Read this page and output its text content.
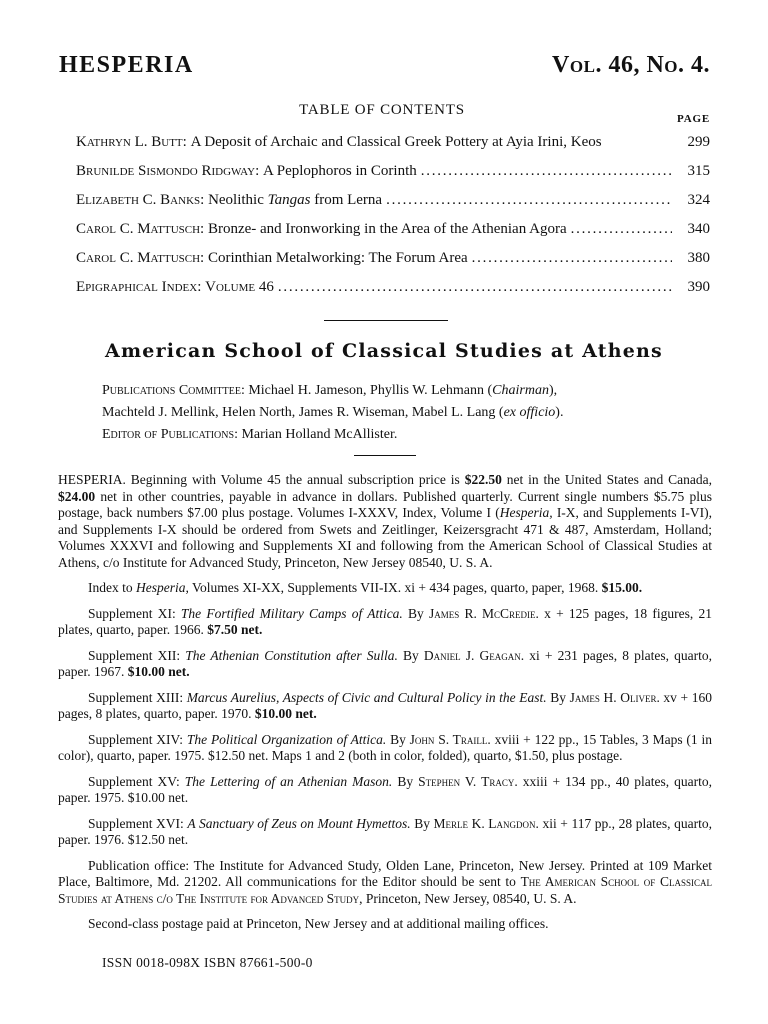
HESPERIA	Vol. 46, No. 4.
TABLE OF CONTENTS
PAGE
Kathryn L. Butt : A Deposit of Archaic and Classical Greek Pottery at Ayia Irini, Keos	299
Brunilde Sismondo Ridgway : A Peplophoros in Corinth . . .	315
Elizabeth C. Banks : Neolithic Tangas from Lerna . . .	324
Carol C. Mattusch : Bronze- and Ironworking in the Area of the Athenian Agora . . .	340
Carol C. Mattusch : Corinthian Metalworking: The Forum Area . . .	380
Epigraphical Index : Volume 46 . . .	390
American School of Classical Studies at Athens
Publications Committee: Michael H. Jameson, Phyllis W. Lehmann (Chairman),
Machteld J. Mellink, Helen North, James R. Wiseman, Mabel L. Lang (ex officio).
Editor of Publications: Marian Holland McAllister.

HESPERIA. Beginning with Volume 45 the annual subscription price is $22.50 net in the United States and Canada, $24.00 net in other countries, payable in advance in dollars. Published quarterly. Current single numbers $5.75 plus postage, back numbers $7.00 plus postage. Volumes I-XXXV, Index, Volume I (Hesperia, I-X, and Supplements I-VI), and Supplements I-X should be ordered from Swets and Zeitlinger, Keizersgracht 471 & 487, Amsterdam, Holland; Volumes XXXVI and following and Supplements XI and following from the American School of Classical Studies at Athens, c/o Institute for Advanced Study, Princeton, New Jersey 08540, U. S. A.

Index to Hesperia, Volumes XI-XX, Supplements VII-IX. xi + 434 pages, quarto, paper, 1968. $15.00.

Supplement XI: The Fortified Military Camps of Attica. By James R. McCredie. x + 125 pages, 18 figures, 21 plates, quarto, paper. 1966. $7.50 net.

Supplement XII: The Athenian Constitution after Sulla. By Daniel J. Geagan. xi + 231 pages, 8 plates, quarto, paper. 1967. $10.00 net.

Supplement XIII: Marcus Aurelius, Aspects of Civic and Cultural Policy in the East. By James H. Oliver. xv + 160 pages, 8 plates, quarto, paper. 1970. $10.00 net.

Supplement XIV: The Political Organization of Attica. By John S. Traill. xviii + 122 pp., 15 Tables, 3 Maps (1 in color), quarto, paper. 1975. $12.50 net. Maps 1 and 2 (both in color, folded), quarto, $1.50, plus postage.

Supplement XV: The Lettering of an Athenian Mason. By Stephen V. Tracy. xxiii + 134 pp., 40 plates, quarto, paper. 1975. $10.00 net.

Supplement XVI: A Sanctuary of Zeus on Mount Hymettos. By Merle K. Langdon. xii + 117 pp., 28 plates, quarto, paper. 1976. $12.50 net.

Publication office: The Institute for Advanced Study, Olden Lane, Princeton, New Jersey. Printed at 109 Market Place, Baltimore, Md. 21202. All communications for the Editor should be sent to The American School of Classical Studies at Athens c/o The Institute for Advanced Study, Princeton, New Jersey, 08540, U. S. A.

Second-class postage paid at Princeton, New Jersey and at additional mailing offices.

ISSN 0018-098X ISBN 87661-500-0
